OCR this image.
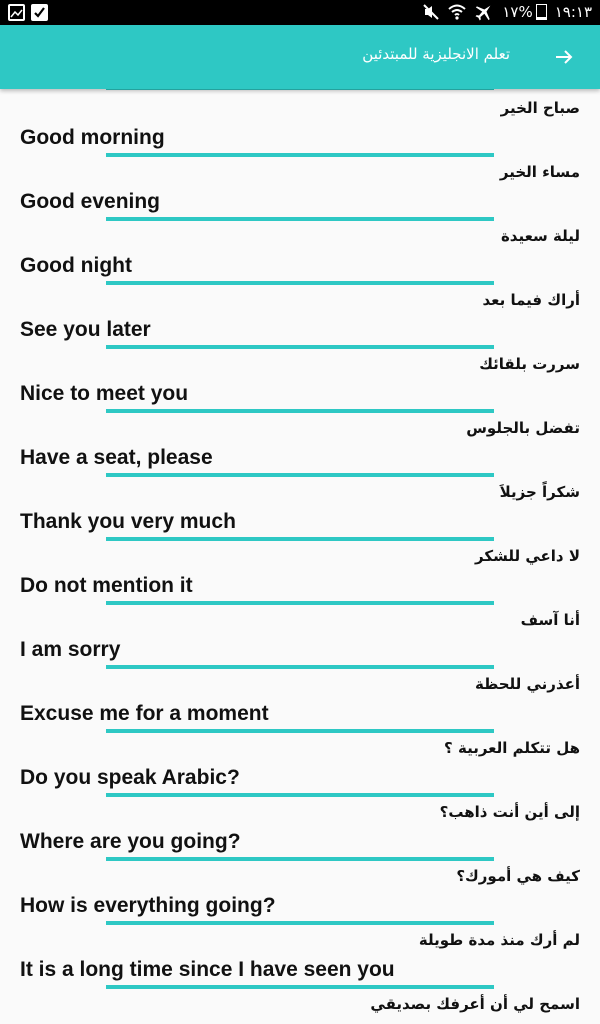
١٧% ١٩:١٣
تعلم الانجليزية للمبتدئين
صباح الخير
Good morning
مساء الخير
Good evening
ليلة سعيدة
Good night
أراك فيما بعد
See you later
سررت بلقائك
Nice to meet you
تفضل بالجلوس
Have a seat, please
شكراً جزيلاَ
Thank you very much
لا داعي للشكر
Do not mention it
أنا آسف
I am sorry
أعذرني للحظة
Excuse me for a moment
هل تتكلم العربية ؟
Do you speak Arabic?
إلى أين أنت ذاهب؟
Where are you going?
كيف هي أمورك؟
How is everything going?
لم أرك منذ مدة طويلة
It is a long time since I have seen you
اسمح لي أن أعرفك بصديقي
